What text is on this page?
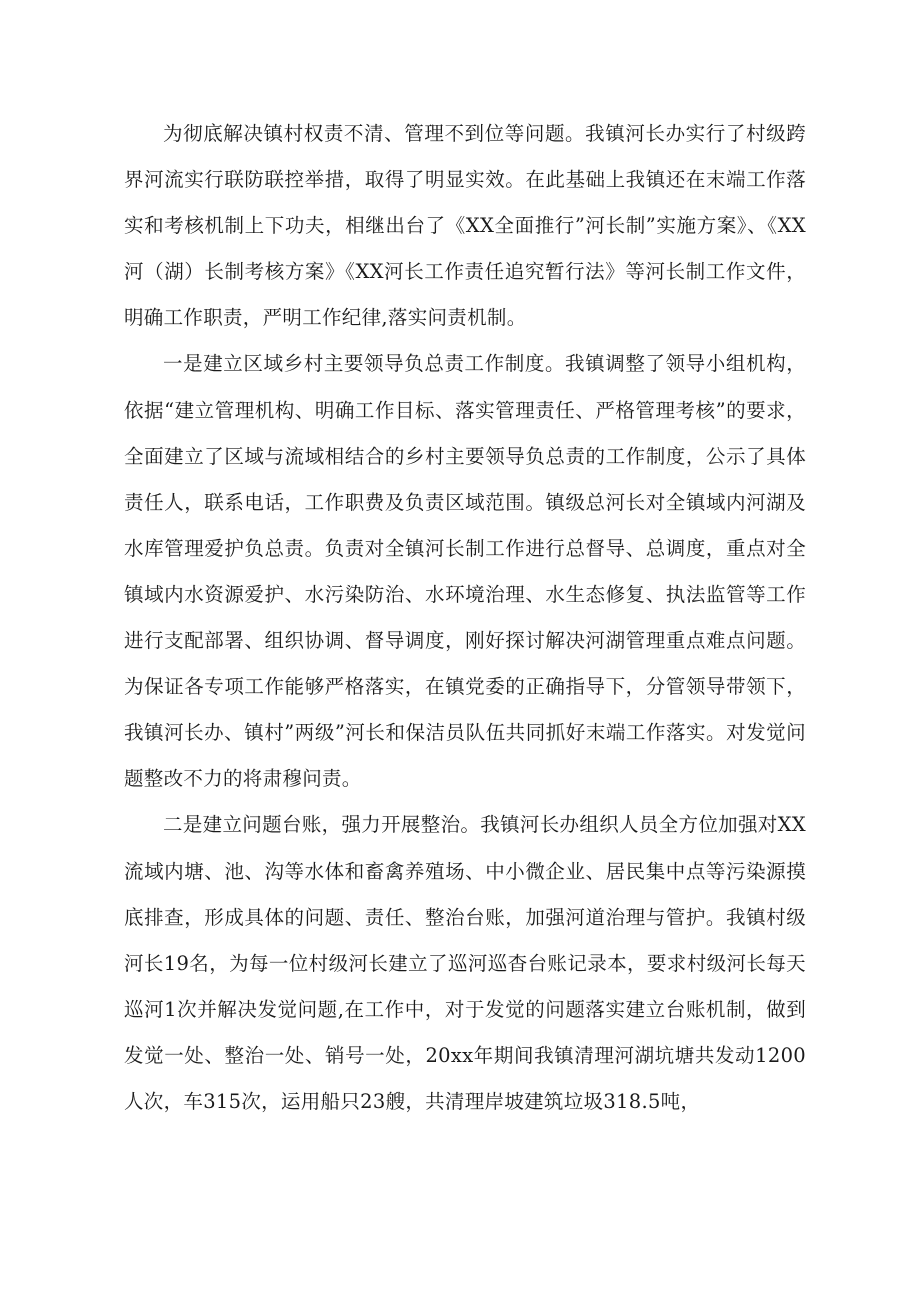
为彻底解决镇村权责不清、管理不到位等问题。我镇河长办实行了村级跨界河流实行联防联控举措，取得了明显实效。在此基础上我镇还在末端工作落实和考核机制上下功夫，相继出台了《XX全面推行”河长制”实施方案》、《XX河（湖）长制考核方案》《XX河长工作责任追究暂行法》等河长制工作文件，明确工作职责，严明工作纪律,落实问责机制。

一是建立区域乡村主要领导负总责工作制度。我镇调整了领导小组机构，依据“建立管理机构、明确工作目标、落实管理责任、严格管理考核”的要求，全面建立了区域与流域相结合的乡村主要领导负总责的工作制度，公示了具体责任人，联系电话，工作职费及负责区域范围。镇级总河长对全镇域内河湖及水库管理爱护负总责。负责对全镇河长制工作进行总督导、总调度，重点对全镇域内水资源爱护、水污染防治、水环境治理、水生态修复、执法监管等工作进行支配部署、组织协调、督导调度，刚好探讨解决河湖管理重点难点问题。为保证各专项工作能够严格落实，在镇党委的正确指导下，分管领导带领下，我镇河长办、镇村”两级”河长和保洁员队伍共同抓好末端工作落实。对发觉问题整改不力的将肃穆问责。

二是建立问题台账，强力开展整治。我镇河长办组织人员全方位加强对XX流域内塘、池、沟等水体和畜禽养殖场、中小微企业、居民集中点等污染源摸底排查，形成具体的问题、责任、整治台账，加强河道治理与管护。我镇村级河长19名，为每一位村级河长建立了巡河巡杳台账记录本，要求村级河长每天巡河1次并解决发觉问题,在工作中，对于发觉的问题落实建立台账机制，做到发觉一处、整治一处、销号一处，20xx年期间我镇清理河湖坑塘共发动1200人次，车315次，运用船只23艘，共清理岸坡建筑垃圾318.5吨，
